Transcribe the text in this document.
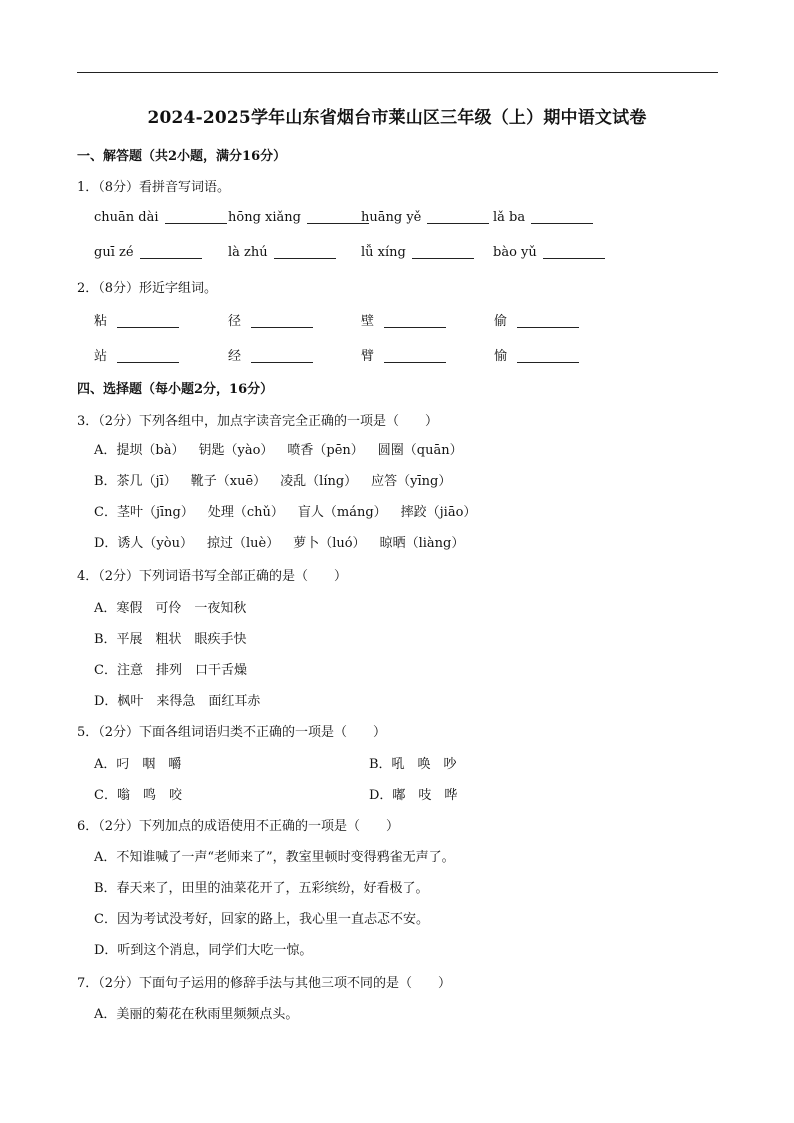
2024-2025学年山东省烟台市莱山区三年级（上）期中语文试卷
一、解答题（共2小题，满分16分）
1．（8分）看拼音写词语。
chuān dài	hōng xiǎng	huāng yě	lǎ ba
guī zé	là zhú	lǚ xíng	bào yǔ
2．（8分）形近字组词。
粘	径	壁	偷
站	经	臂	愉
四、选择题（每小题2分，16分）
3．（2分）下列各组中，加点字读音完全正确的一项是（　　）
A．提坝（bà） 钥匙（yào） 喷香（pēn） 圆圈（quān）
B．茶几（jī） 靴子（xuē） 凌乱（líng） 应答（yīng）
C．茎叶（jīng） 处理（chǔ） 盲人（máng） 摔跤（jiāo）
D．诱人（yòu） 掠过（luè） 萝卜（luó） 晾晒（liàng）
4．（2分）下列词语书写全部正确的是（　　）
A．寒假　可伶　一夜知秋
B．平展　粗状　眼疾手快
C．注意　排列　口干舌燥
D．枫叶　来得急　面红耳赤
5．（2分）下面各组词语归类不正确的一项是（　　）
A．叼　咽　嚼	B．吼　唤　吵
C．嗡　鸣　咬	D．嘟　吱　哗
6．（2分）下列加点的成语使用不正确的一项是（　　）
A．不知谁喊了一声“老师来了”，教室里顿时变得鸦雀无声了。
B．春天来了，田里的油菜花开了，五彩缤纷，好看极了。
C．因为考试没考好，回家的路上，我心里一直忐忑不安。
D．听到这个消息，同学们大吃一惊。
7．（2分）下面句子运用的修辞手法与其他三项不同的是（　　）
A．美丽的菊花在秋雨里频频点头。
